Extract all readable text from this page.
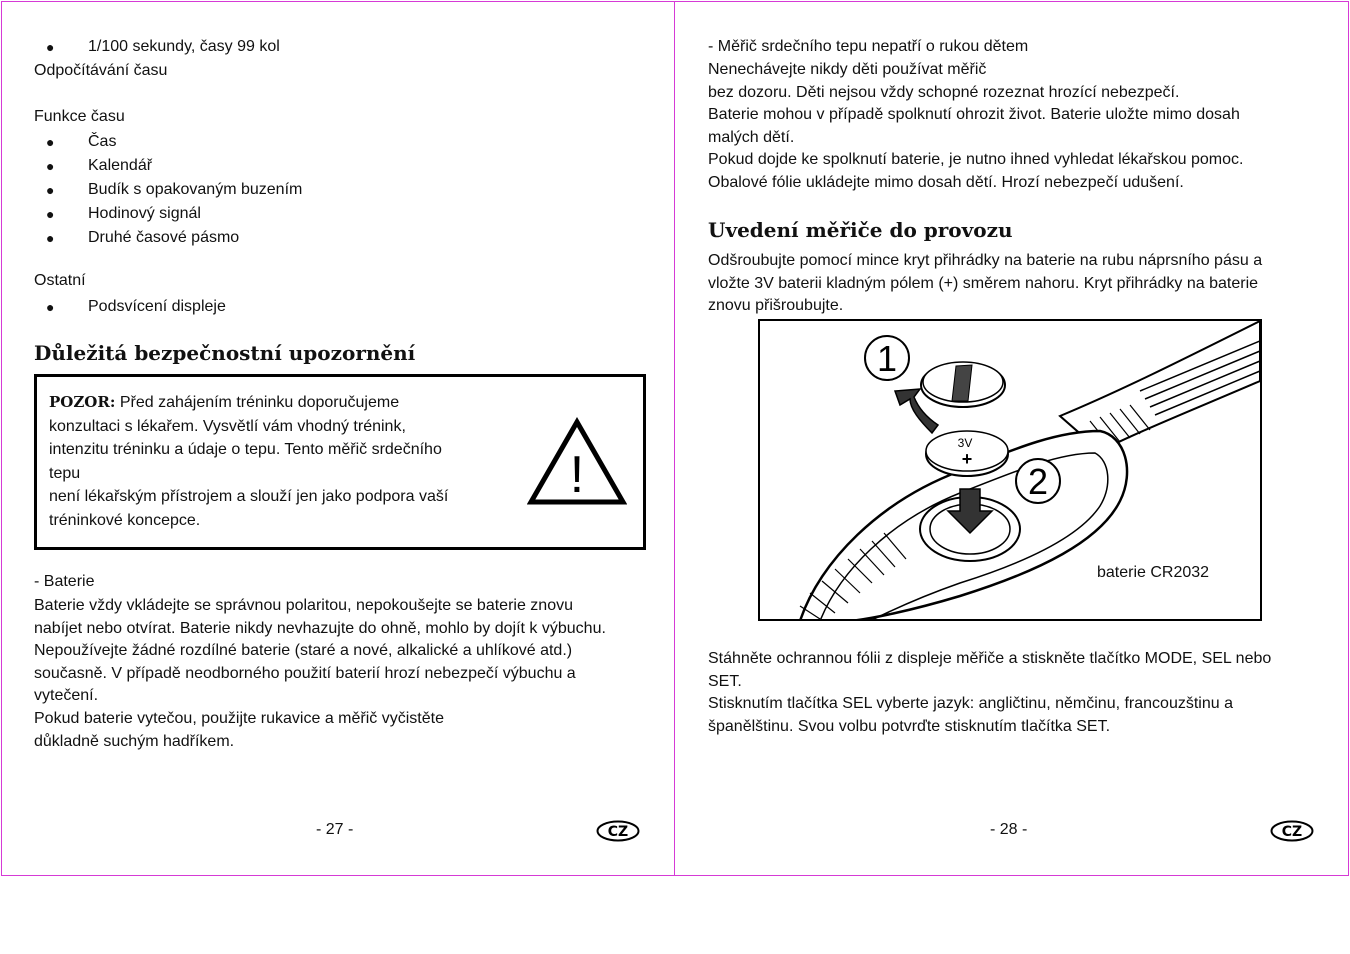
● 1/100 sekundy, časy 99 kol
Odpočítávání času
Funkce času
● Čas
● Kalendář
● Budík s opakovaným buzením
● Hodinový signál
● Druhé časové pásmo
Ostatní
● Podsvícení displeje
Důležitá bezpečnostní upozornění
POZOR: Před zahájením tréninku doporučujeme
konzultaci s lékařem. Vysvětlí vám vhodný trénink,
intenzitu tréninku a údaje o tepu. Tento měřič srdečního
tepu
není lékařským přístrojem a slouží jen jako podpora vaší
tréninkové koncepce.
!
- Baterie
Baterie vždy vkládejte se správnou polaritou, nepokoušejte se baterie znovu
nabíjet nebo otvírat. Baterie nikdy nevhazujte do ohně, mohlo by dojít k výbuchu.
Nepoužívejte žádné rozdílné baterie (staré a nové, alkalické a uhlíkové atd.)
současně. V případě neodborného použití baterií hrozí nebezpečí výbuchu a
vytečení.
Pokud baterie vytečou, použijte rukavice a měřič vyčistěte
důkladně suchým hadříkem.
- 27 -	CZ
- Měřič srdečního tepu nepatří o rukou dětem
Nenechávejte nikdy děti používat měřič
bez dozoru. Děti nejsou vždy schopné rozeznat hrozící nebezpečí.
Baterie mohou v případě spolknutí ohrozit život. Baterie uložte mimo dosah
malých dětí.
Pokud dojde ke spolknutí baterie, je nutno ihned vyhledat lékařskou pomoc.
Obalové fólie ukládejte mimo dosah dětí. Hrozí nebezpečí udušení.
Uvedení měřiče do provozu
Odšroubujte pomocí mince kryt přihrádky na baterie na rubu náprsního pásu a
vložte 3V baterii kladným pólem (+) směrem nahoru. Kryt přihrádky na baterie
znovu přišroubujte.
3V
+
1
2
baterie CR2032
Stáhněte ochrannou fólii z displeje měřiče a stiskněte tlačítko MODE, SEL nebo
SET.
Stisknutím tlačítka SEL vyberte jazyk: angličtinu, němčinu, francouzštinu a
španělštinu. Svou volbu potvrďte stisknutím tlačítka SET.
- 28 -	CZ
